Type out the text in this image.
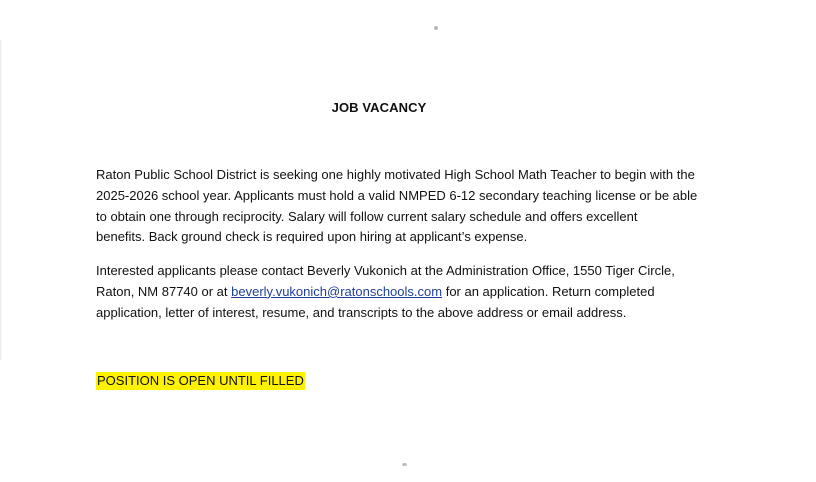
JOB VACANCY

Raton Public School District is seeking one highly motivated High School Math Teacher to begin with the
2025-2026 school year. Applicants must hold a valid NMPED 6-12 secondary teaching license or be able
to obtain one through reciprocity. Salary will follow current salary schedule and offers excellent
benefits. Back ground check is required upon hiring at applicant’s expense.

Interested applicants please contact Beverly Vukonich at the Administration Office, 1550 Tiger Circle,
Raton, NM 87740 or at beverly.vukonich@ratonschools.com for an application. Return completed
application, letter of interest, resume, and transcripts to the above address or email address.

POSITION IS OPEN UNTIL FILLED
